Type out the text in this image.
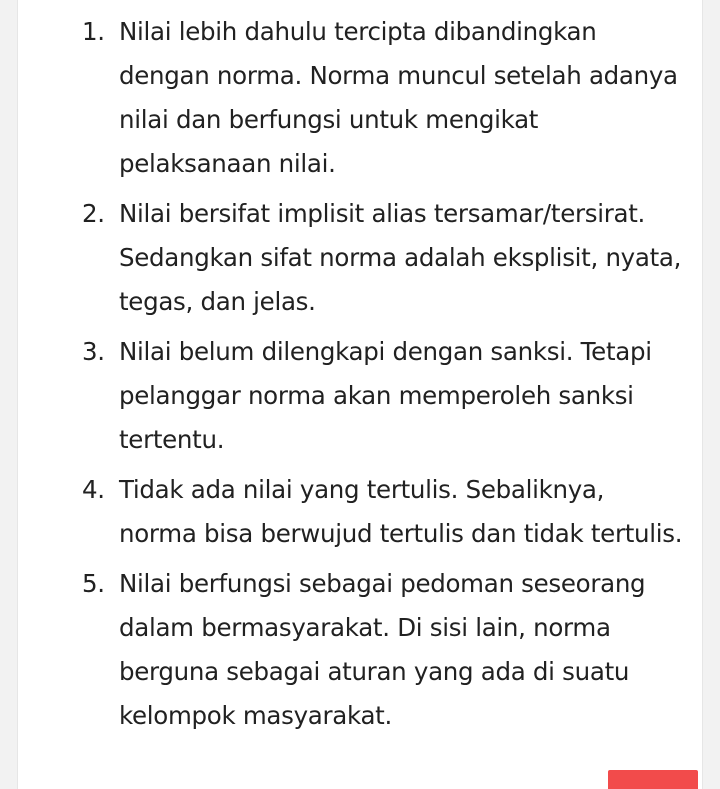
1. Nilai lebih dahulu tercipta dibandingkan dengan norma. Norma muncul setelah adanya nilai dan berfungsi untuk mengikat pelaksanaan nilai.
2. Nilai bersifat implisit alias tersamar/tersirat. Sedangkan sifat norma adalah eksplisit, nyata, tegas, dan jelas.
3. Nilai belum dilengkapi dengan sanksi. Tetapi pelanggar norma akan memperoleh sanksi tertentu.
4. Tidak ada nilai yang tertulis. Sebaliknya, norma bisa berwujud tertulis dan tidak tertulis.
5. Nilai berfungsi sebagai pedoman seseorang dalam bermasyarakat. Di sisi lain, norma berguna sebagai aturan yang ada di suatu kelompok masyarakat.
